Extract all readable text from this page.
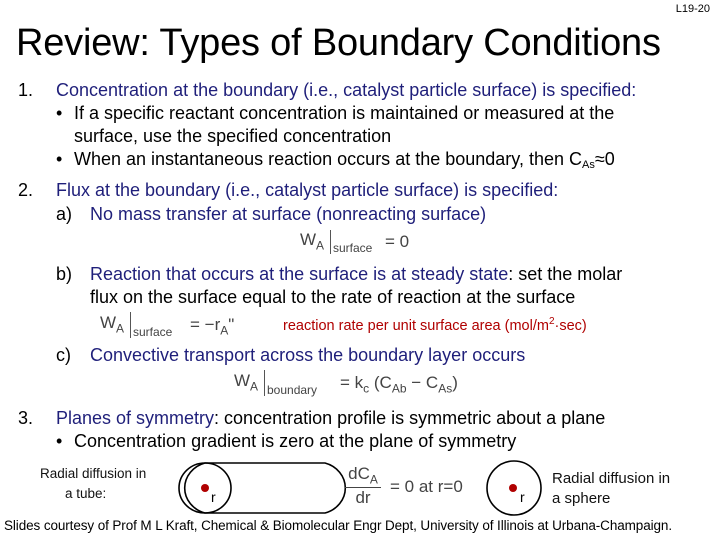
L19-20
Review: Types of Boundary Conditions
1. Concentration at the boundary (i.e., catalyst particle surface) is specified:
• If a specific reactant concentration is maintained or measured at the
surface, use the specified concentration
• When an instantaneous reaction occurs at the boundary, then $C_{As}\approx 0$
2. Flux at the boundary (i.e., catalyst particle surface) is specified:
a) No mass transfer at surface (nonreacting surface)
$W_A$ surface = 0
b) Reaction that occurs at the surface is at steady state: set the molar
flux on the surface equal to the rate of reaction at the surface
$W_A$ surface = $-r_A$"	reaction rate per unit surface area $(mol/m^2\cdot\sec)$
c) Convective transport across the boundary layer occurs
$W_A$ boundary = $k_c$ $(C_{Ab} - C_{As})$
3. Planes of symmetry: concentration profile is symmetric about a plane
• Concentration gradient is zero at the plane of symmetry
Radial diffusion in
a tube:	r
$dC_A$
dr
= 0 at r=0
r
Radial diffusion in
a sphere
Slides courtesy of Prof M L Kraft, Chemical & Biomolecular Engr Dept, University of Illinois at Urbana-Champaign.
